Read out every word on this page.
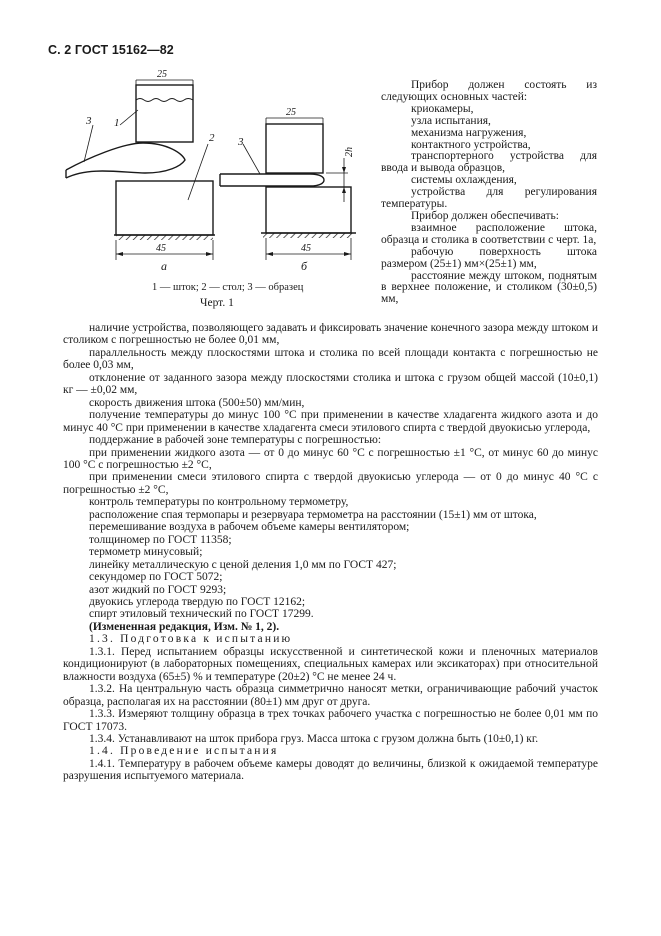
С. 2 ГОСТ 15162—82
45
а
25
3 1
2
25
45
б
2h
3
1 — шток; 2 — стол; 3 — образец
Черт. 1

Прибор должен состоять из следующих основных частей:

криокамеры,

узла испытания,

механизма нагружения,

контактного устройства,

транспортерного устройства для ввода и вывода образцов,

системы охлаждения,

устройства для регулирования температуры.

Прибор должен обеспечивать:

взаимное расположение штока, образца и столика в соответствии с черт. 1а,

рабочую поверхность штока размером (25±1) мм×(25±1) мм,

расстояние между штоком, поднятым в верхнее положение, и столиком (30±0,5) мм,

наличие устройства, позволяющего задавать и фиксировать значение конечного зазора между штоком и столиком с погрешностью не более 0,01 мм,

параллельность между плоскостями штока и столика по всей площади контакта с погрешностью не более 0,03 мм,

отклонение от заданного зазора между плоскостями столика и штока с грузом общей массой (10±0,1) кг — ±0,02 мм,

скорость движения штока (500±50) мм/мин,

получение температуры до минус 100 °С при применении в качестве хладагента жидкого азота и до минус 40 °С при применении в качестве хладагента смеси этилового спирта с твердой двуокисью углерода,

поддержание в рабочей зоне температуры с погрешностью:

при применении жидкого азота — от 0 до минус 60 °С с погрешностью ±1 °С, от минус 60 до минус 100 °С с погрешностью ±2 °С,

при применении смеси этилового спирта с твердой двуокисью углерода — от 0 до минус 40 °С с погрешностью ±2 °С,

контроль температуры по контрольному термометру,

расположение спая термопары и резервуара термометра на расстоянии (15±1) мм от штока,

перемешивание воздуха в рабочем объеме камеры вентилятором;

толщиномер по ГОСТ 11358;

термометр минусовый;

линейку металлическую с ценой деления 1,0 мм по ГОСТ 427;

секундомер по ГОСТ 5072;

азот жидкий по ГОСТ 9293;

двуокись углерода твердую по ГОСТ 12162;

спирт этиловый технический по ГОСТ 17299.

(Измененная редакция, Изм. № 1, 2).

1.3. Подготовка к испытанию

1.3.1. Перед испытанием образцы искусственной и синтетической кожи и пленочных материалов кондиционируют (в лабораторных помещениях, специальных камерах или эксикаторах) при относительной влажности воздуха (65±5) % и температуре (20±2) °С не менее 24 ч.

1.3.2. На центральную часть образца симметрично наносят метки, ограничивающие рабочий участок образца, располагая их на расстоянии (80±1) мм друг от друга.

1.3.3. Измеряют толщину образца в трех точках рабочего участка с погрешностью не более 0,01 мм по ГОСТ 17073.

1.3.4. Устанавливают на шток прибора груз. Масса штока с грузом должна быть (10±0,1) кг.

1.4. Проведение испытания

1.4.1. Температуру в рабочем объеме камеры доводят до величины, близкой к ожидаемой температуре разрушения испытуемого материала.
